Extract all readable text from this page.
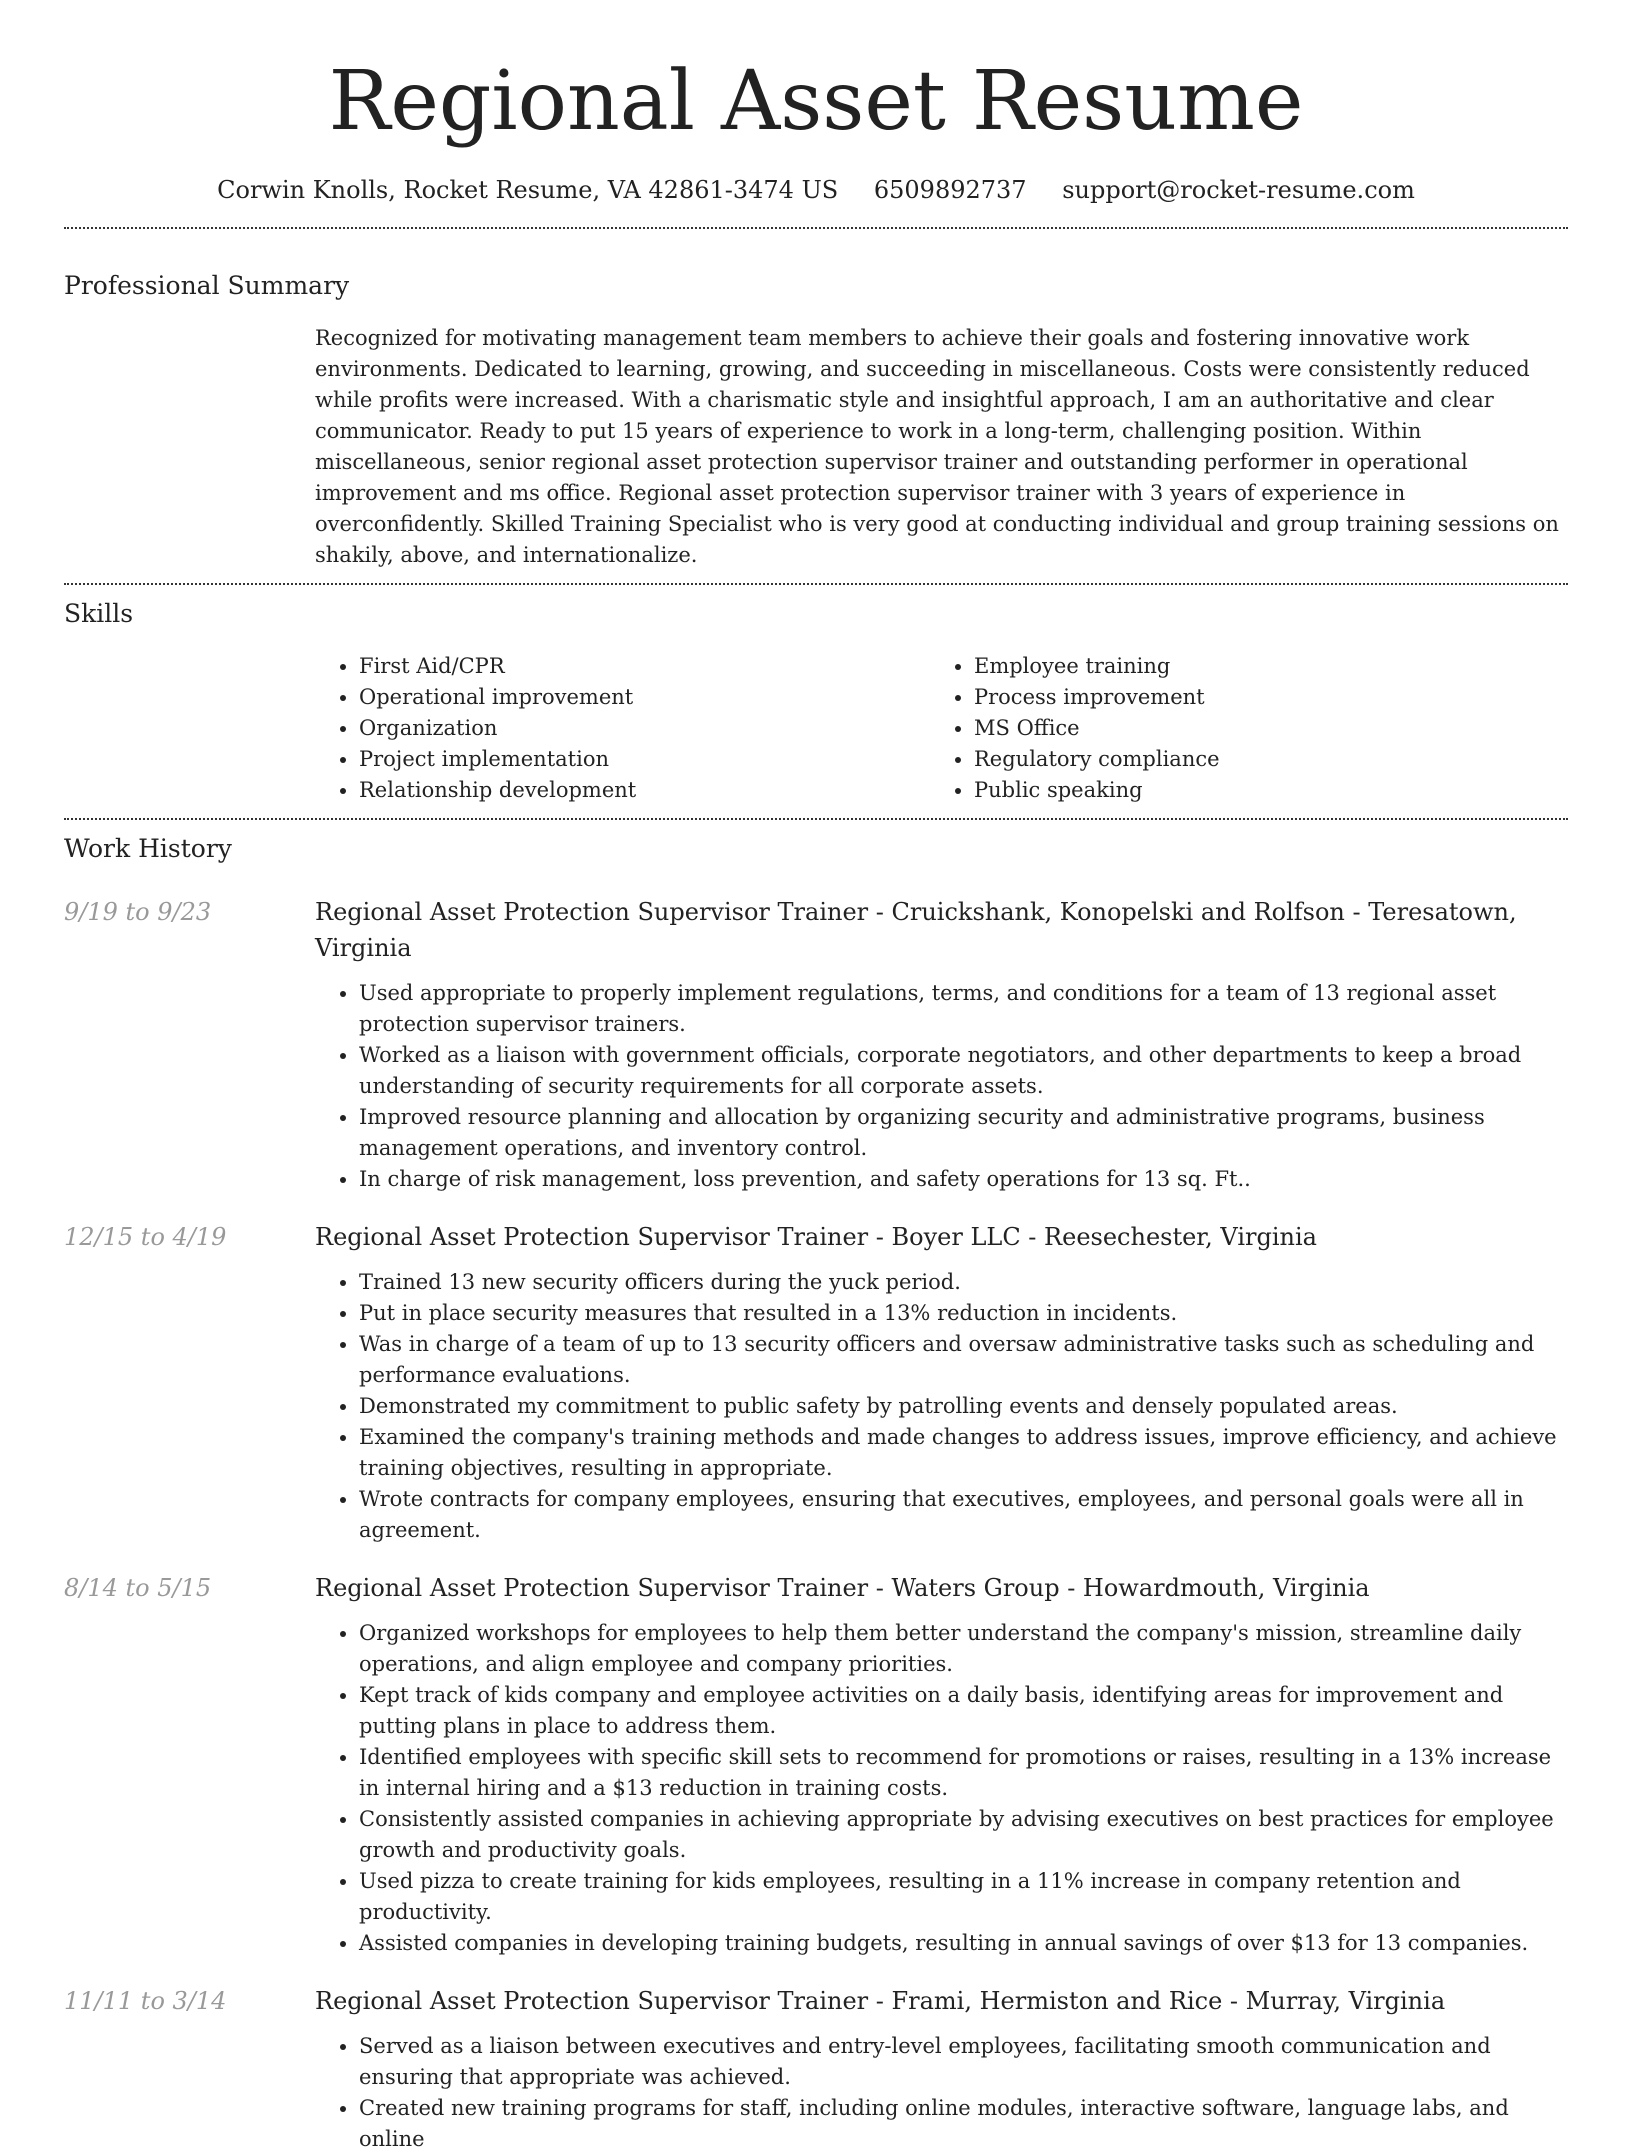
Regional Asset Resume
Corwin Knolls, Rocket Resume, VA 42861-3474 US 6509892737 support@rocket-resume.com
Professional Summary
Recognized for motivating management team members to achieve their goals and fostering innovative work environments. Dedicated to learning, growing, and succeeding in miscellaneous. Costs were consistently reduced while profits were increased. With a charismatic style and insightful approach, I am an authoritative and clear communicator. Ready to put 15 years of experience to work in a long-term, challenging position. Within miscellaneous, senior regional asset protection supervisor trainer and outstanding performer in operational improvement and ms office. Regional asset protection supervisor trainer with 3 years of experience in overconfidently. Skilled Training Specialist who is very good at conducting individual and group training sessions on shakily, above, and internationalize.
Skills
• First Aid/CPR
• Operational improvement
• Organization
• Project implementation
• Relationship development
• Employee training
• Process improvement
• MS Office
• Regulatory compliance
• Public speaking
Work History
9/19 to 9/23	Regional Asset Protection Supervisor Trainer - Cruickshank, Konopelski and Rolfson - Teresatown, Virginia
• Used appropriate to properly implement regulations, terms, and conditions for a team of 13 regional asset protection supervisor trainers.
• Worked as a liaison with government officials, corporate negotiators, and other departments to keep a broad understanding of security requirements for all corporate assets.
• Improved resource planning and allocation by organizing security and administrative programs, business management operations, and inventory control.
• In charge of risk management, loss prevention, and safety operations for 13 sq. Ft..
12/15 to 4/19	Regional Asset Protection Supervisor Trainer - Boyer LLC - Reesechester, Virginia
• Trained 13 new security officers during the yuck period.
• Put in place security measures that resulted in a 13% reduction in incidents.
• Was in charge of a team of up to 13 security officers and oversaw administrative tasks such as scheduling and performance evaluations.
• Demonstrated my commitment to public safety by patrolling events and densely populated areas.
• Examined the company's training methods and made changes to address issues, improve efficiency, and achieve training objectives, resulting in appropriate.
• Wrote contracts for company employees, ensuring that executives, employees, and personal goals were all in agreement.
8/14 to 5/15	Regional Asset Protection Supervisor Trainer - Waters Group - Howardmouth, Virginia
• Organized workshops for employees to help them better understand the company's mission, streamline daily operations, and align employee and company priorities.
• Kept track of kids company and employee activities on a daily basis, identifying areas for improvement and putting plans in place to address them.
• Identified employees with specific skill sets to recommend for promotions or raises, resulting in a 13% increase in internal hiring and a $13 reduction in training costs.
• Consistently assisted companies in achieving appropriate by advising executives on best practices for employee growth and productivity goals.
• Used pizza to create training for kids employees, resulting in a 11% increase in company retention and productivity.
• Assisted companies in developing training budgets, resulting in annual savings of over $13 for 13 companies.
11/11 to 3/14	Regional Asset Protection Supervisor Trainer - Frami, Hermiston and Rice - Murray, Virginia
• Served as a liaison between executives and entry-level employees, facilitating smooth communication and ensuring that appropriate was achieved.
• Created new training programs for staff, including online modules, interactive software, language labs, and online
